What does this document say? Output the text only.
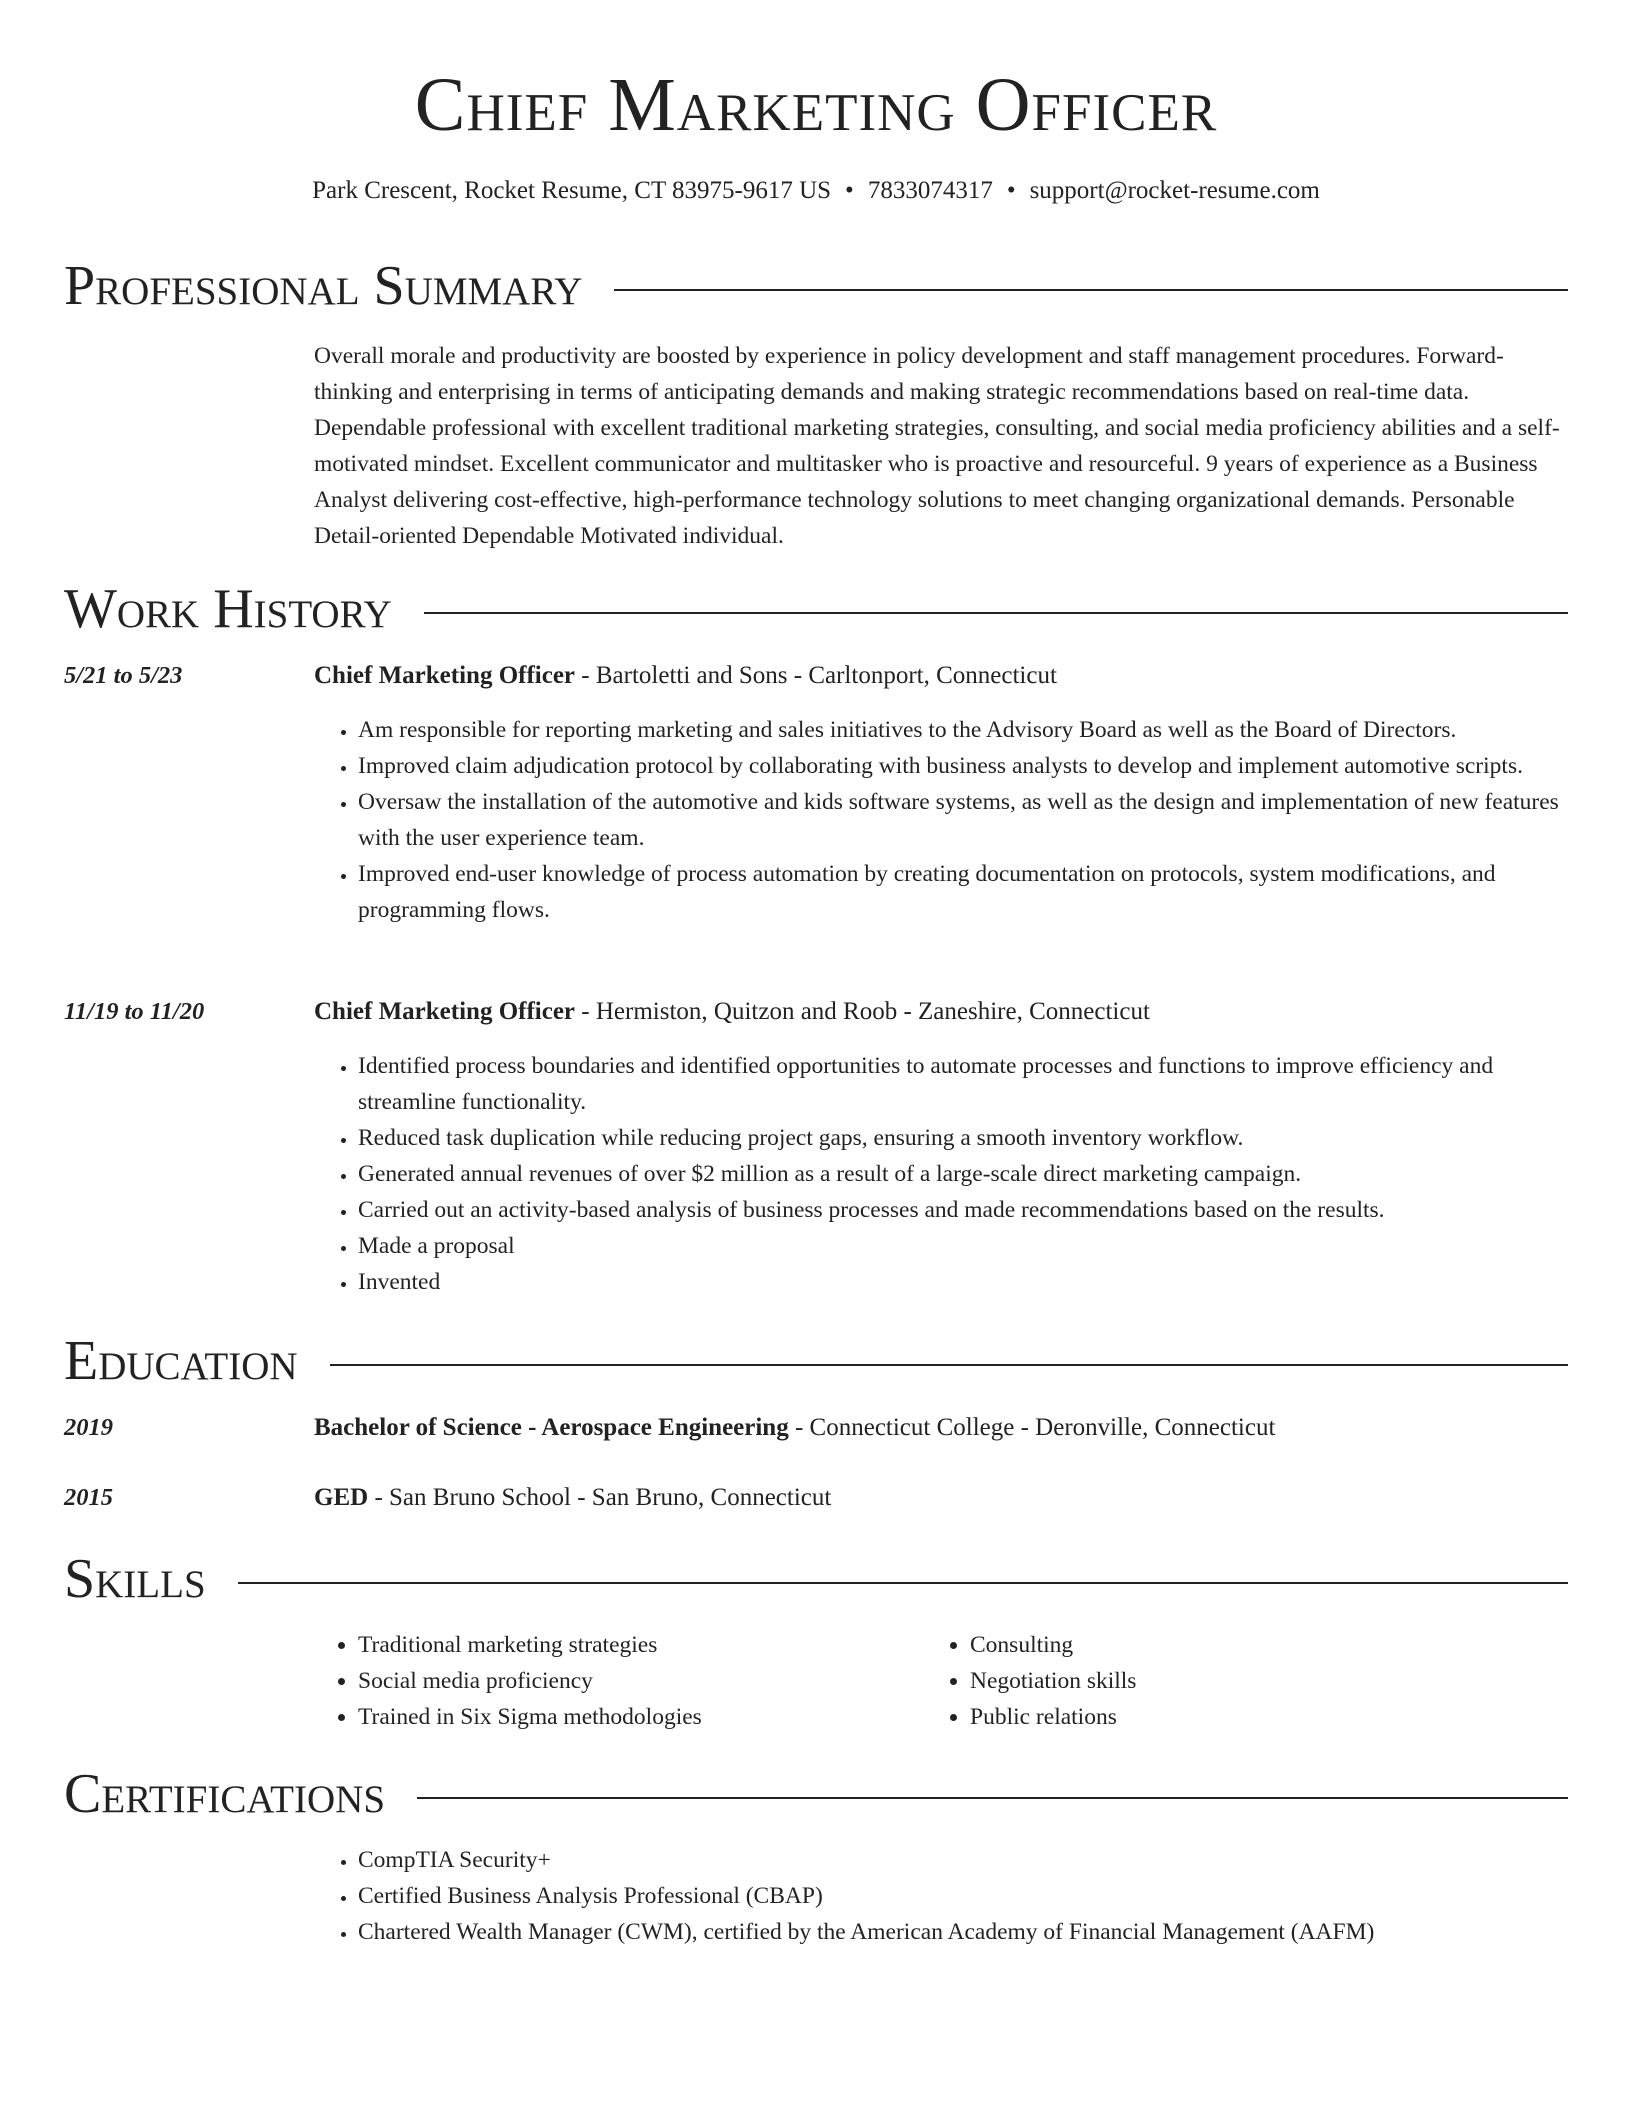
Chief Marketing Officer
Park Crescent, Rocket Resume, CT 83975-9617 US • 7833074317 • support@rocket-resume.com
Professional Summary

Overall morale and productivity are boosted by experience in policy development and staff management procedures. Forward-thinking and enterprising in terms of anticipating demands and making strategic recommendations based on real-time data. Dependable professional with excellent traditional marketing strategies, consulting, and social media proficiency abilities and a self-motivated mindset. Excellent communicator and multitasker who is proactive and resourceful. 9 years of experience as a Business Analyst delivering cost-effective, high-performance technology solutions to meet changing organizational demands. Personable Detail-oriented Dependable Motivated individual.

Work History
5/21 to 5/23	Chief Marketing Officer - Bartoletti and Sons - Carltonport, Connecticut
• Am responsible for reporting marketing and sales initiatives to the Advisory Board as well as the Board of Directors.
• Improved claim adjudication protocol by collaborating with business analysts to develop and implement automotive scripts.
• Oversaw the installation of the automotive and kids software systems, as well as the design and implementation of new features with the user experience team.
• Improved end-user knowledge of process automation by creating documentation on protocols, system modifications, and programming flows.
11/19 to 11/20	Chief Marketing Officer - Hermiston, Quitzon and Roob - Zaneshire, Connecticut
• Identified process boundaries and identified opportunities to automate processes and functions to improve efficiency and streamline functionality.
• Reduced task duplication while reducing project gaps, ensuring a smooth inventory workflow.
• Generated annual revenues of over $2 million as a result of a large-scale direct marketing campaign.
• Carried out an activity-based analysis of business processes and made recommendations based on the results.
• Made a proposal
• Invented
Education
2019	Bachelor of Science - Aerospace Engineering - Connecticut College - Deronville, Connecticut
2015	GED - San Bruno School - San Bruno, Connecticut
Skills
• Traditional marketing strategies
• Social media proficiency
• Trained in Six Sigma methodologies
• Consulting
• Negotiation skills
• Public relations
Certifications
• CompTIA Security+
• Certified Business Analysis Professional (CBAP)
• Chartered Wealth Manager (CWM), certified by the American Academy of Financial Management (AAFM)
